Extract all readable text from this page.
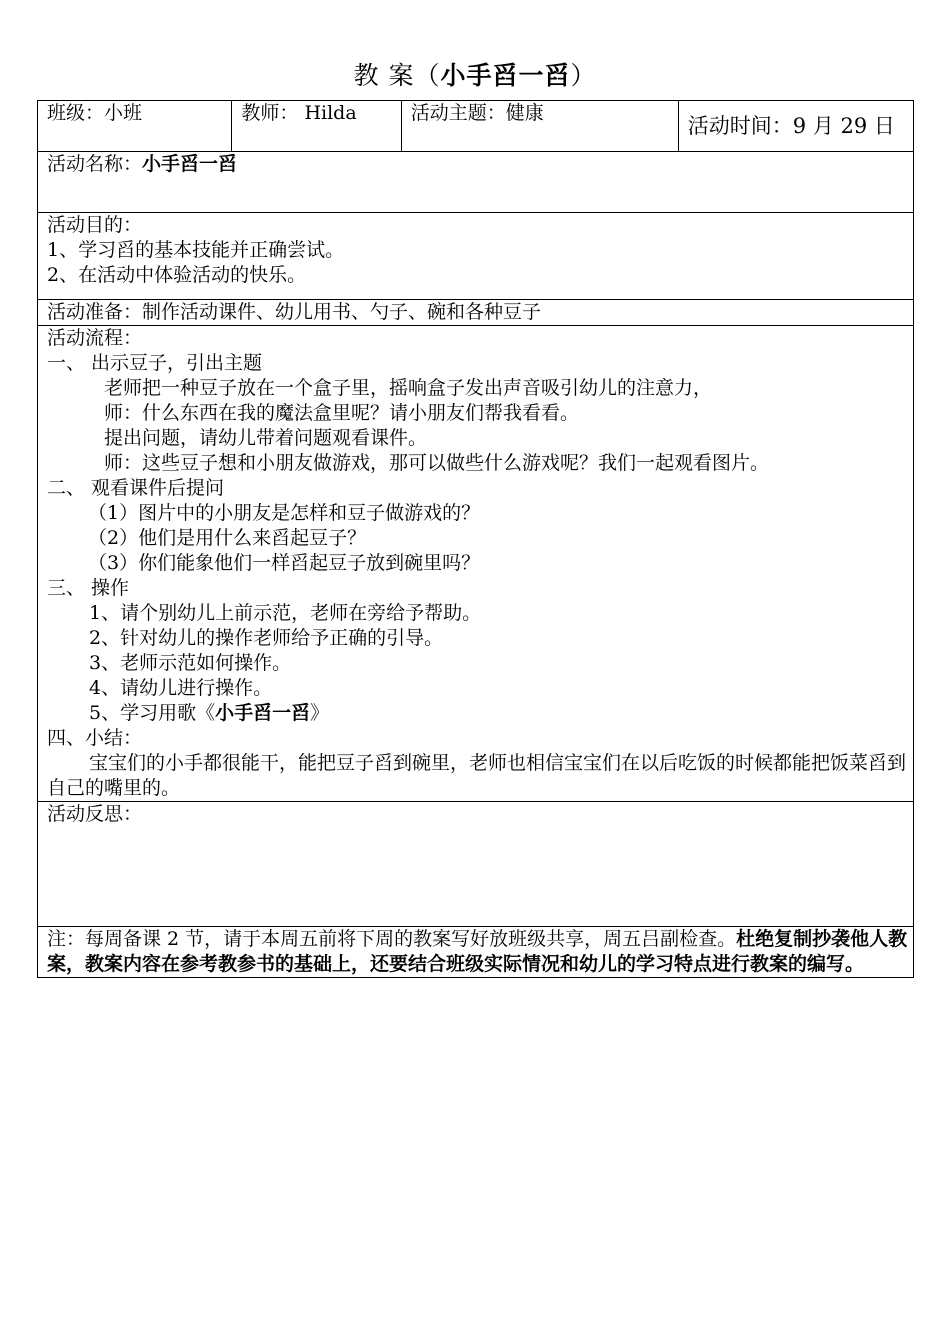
教 案（小手舀一舀）
班级：小班	教师： Hilda	活动主题：健康	活动时间：9 月 29 日
活动名称：小手舀一舀

活动目的：
1、学习舀的基本技能并正确尝试。
2、在活动中体验活动的快乐。

活动准备：制作活动课件、幼儿用书、勺子、碗和各种豆子

活动流程：
一、 出示豆子，引出主题
老师把一种豆子放在一个盒子里，摇响盒子发出声音吸引幼儿的注意力，
师：什么东西在我的魔法盒里呢？请小朋友们帮我看看。
提出问题，请幼儿带着问题观看课件。
师：这些豆子想和小朋友做游戏，那可以做些什么游戏呢？我们一起观看图片。
二、 观看课件后提问
（1）图片中的小朋友是怎样和豆子做游戏的？
（2）他们是用什么来舀起豆子？
（3）你们能象他们一样舀起豆子放到碗里吗？
三、 操作
1、请个别幼儿上前示范，老师在旁给予帮助。
2、针对幼儿的操作老师给予正确的引导。
3、老师示范如何操作。
4、请幼儿进行操作。
5、学习用歌《小手舀一舀》
四、小结：
宝宝们的小手都很能干，能把豆子舀到碗里，老师也相信宝宝们在以后吃饭的时候都能把饭菜舀到自己的嘴里的。

活动反思：
注：每周备课 2 节，请于本周五前将下周的教案写好放班级共享，周五吕副检查。杜绝复制抄袭他人教案，教案内容在参考教参书的基础上，还要结合班级实际情况和幼儿的学习特点进行教案的编写。
